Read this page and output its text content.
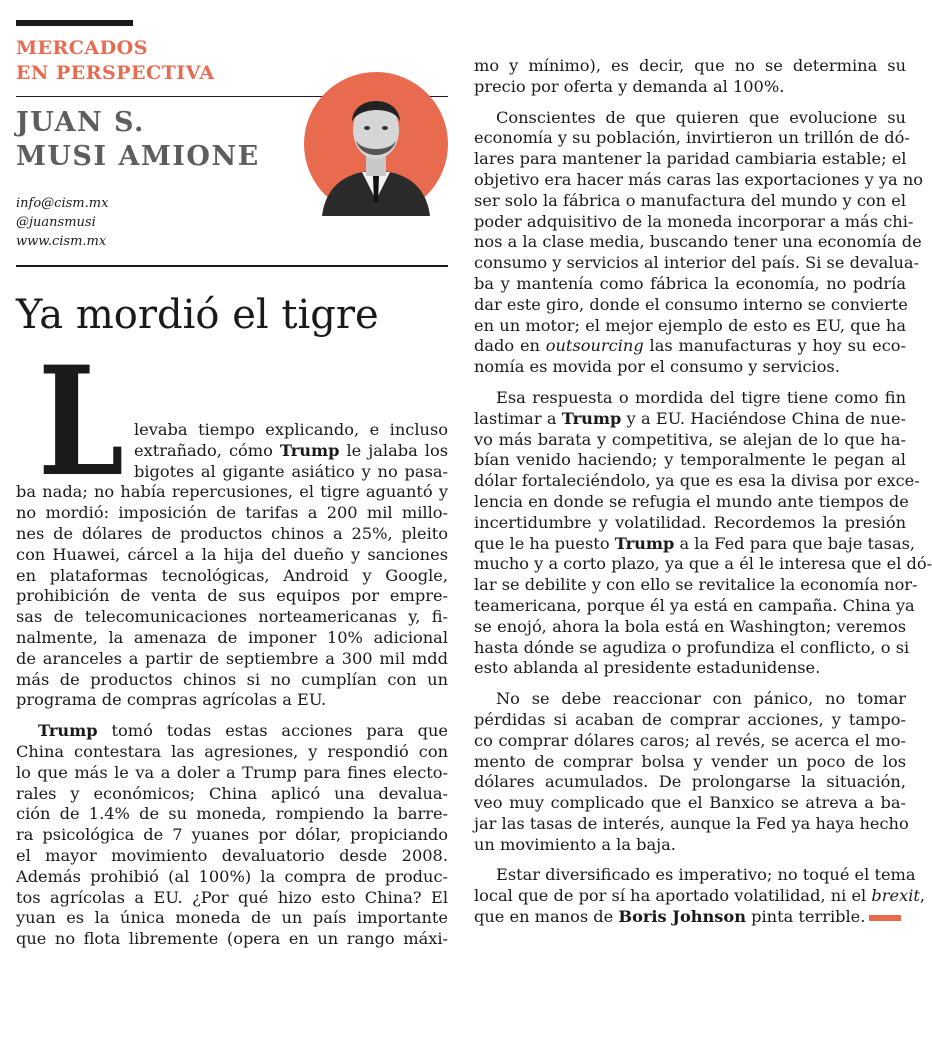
MERCADOS
EN PERSPECTIVA
JUAN S.
MUSI AMIONE
info@cism.mx
@juansmusi
www.cism.mx
Ya mordió el tigre
L levaba tiempo explicando, e incluso
extrañado, cómo Trump le jalaba los
bigotes al gigante asiático y no pasa-
ba nada; no había repercusiones, el tigre aguantó y
no mordió: imposición de tarifas a 200 mil millo-
nes de dólares de productos chinos a 25%, pleito
con Huawei, cárcel a la hija del dueño y sanciones
en plataformas tecnológicas, Android y Google,
prohibición de venta de sus equipos por empre-
sas de telecomunicaciones norteamericanas y, fi-
nalmente, la amenaza de imponer 10% adicional
de aranceles a partir de septiembre a 300 mil mdd
más de productos chinos si no cumplían con un
programa de compras agrícolas a EU.
Trump tomó todas estas acciones para que
China contestara las agresiones, y respondió con
lo que más le va a doler a Trump para fines electo-
rales y económicos; China aplicó una devalua-
ción de 1.4% de su moneda, rompiendo la barre-
ra psicológica de 7 yuanes por dólar, propiciando
el mayor movimiento devaluatorio desde 2008.
Además prohibió (al 100%) la compra de produc-
tos agrícolas a EU. ¿Por qué hizo esto China? El
yuan es la única moneda de un país importante
que no flota libremente (opera en un rango máxi-
mo y mínimo), es decir, que no se determina su
precio por oferta y demanda al 100%.
Conscientes de que quieren que evolucione su
economía y su población, invirtieron un trillón de dó-
lares para mantener la paridad cambiaria estable; el
objetivo era hacer más caras las exportaciones y ya no
ser solo la fábrica o manufactura del mundo y con el
poder adquisitivo de la moneda incorporar a más chi-
nos a la clase media, buscando tener una economía de
consumo y servicios al interior del país. Si se devalua-
ba y mantenía como fábrica la economía, no podría
dar este giro, donde el consumo interno se convierte
en un motor; el mejor ejemplo de esto es EU, que ha
dado en outsourcing las manufacturas y hoy su eco-
nomía es movida por el consumo y servicios.
Esa respuesta o mordida del tigre tiene como fin
lastimar a Trump y a EU. Haciéndose China de nue-
vo más barata y competitiva, se alejan de lo que ha-
bían venido haciendo; y temporalmente le pegan al
dólar fortaleciéndolo, ya que es esa la divisa por exce-
lencia en donde se refugia el mundo ante tiempos de
incertidumbre y volatilidad. Recordemos la presión
que le ha puesto Trump a la Fed para que baje tasas,
mucho y a corto plazo, ya que a él le interesa que el dó-
lar se debilite y con ello se revitalice la economía nor-
teamericana, porque él ya está en campaña. China ya
se enojó, ahora la bola está en Washington; veremos
hasta dónde se agudiza o profundiza el conflicto, o si
esto ablanda al presidente estadunidense.
No se debe reaccionar con pánico, no tomar
pérdidas si acaban de comprar acciones, y tampo-
co comprar dólares caros; al revés, se acerca el mo-
mento de comprar bolsa y vender un poco de los
dólares acumulados. De prolongarse la situación,
veo muy complicado que el Banxico se atreva a ba-
jar las tasas de interés, aunque la Fed ya haya hecho
un movimiento a la baja.
Estar diversificado es imperativo; no toqué el tema
local que de por sí ha aportado volatilidad, ni el brexit,
que en manos de Boris Johnson pinta terrible.
